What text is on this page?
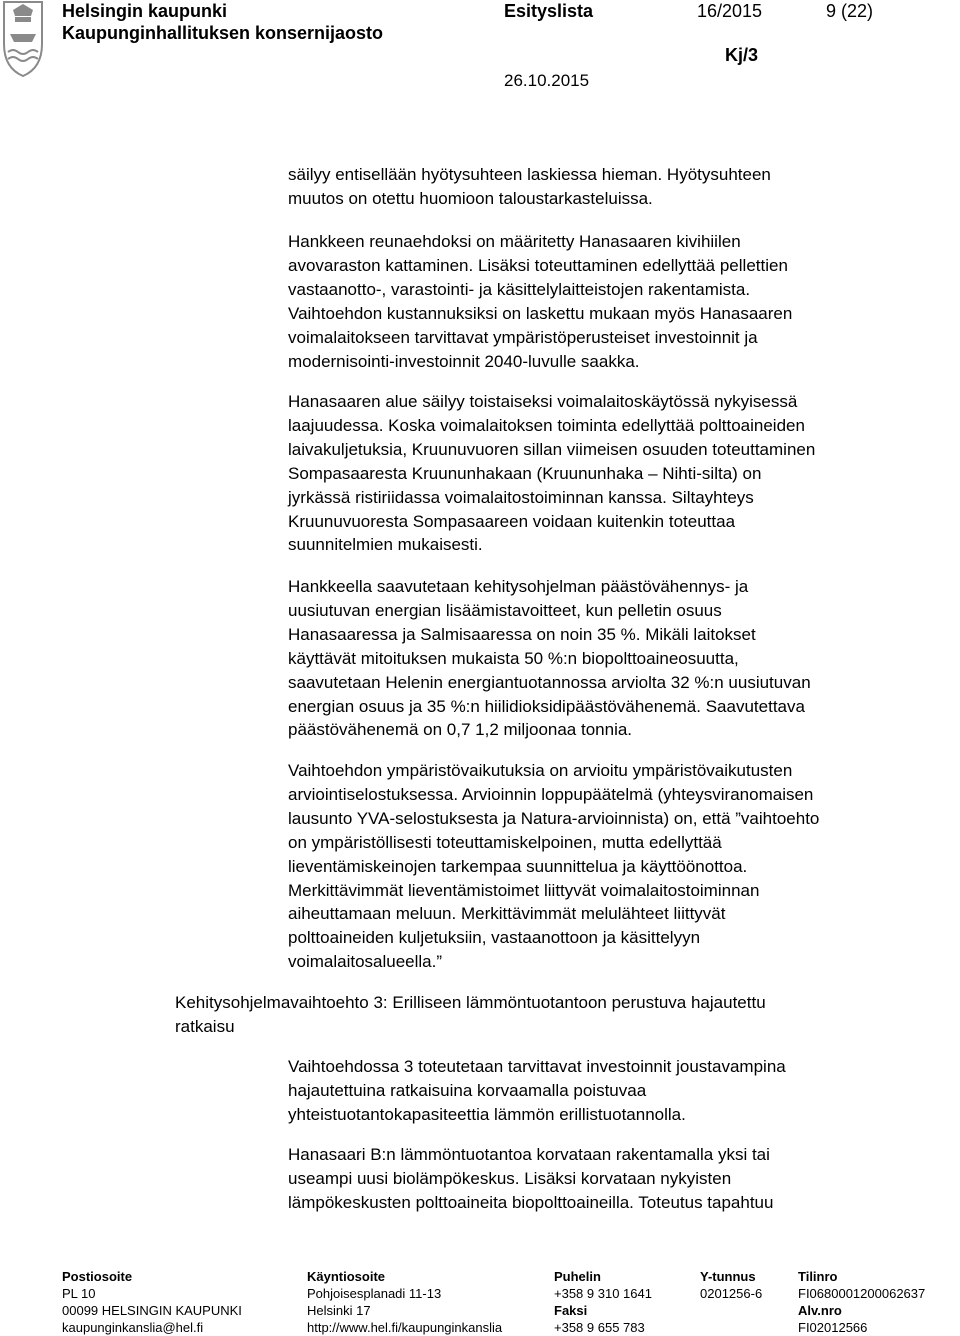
Helsingin kaupunki
Kaupunginhallituksen konsernijaosto
Esityslista	16/2015	9 (22)
Kj/3
26.10.2015

säilyy entisellään hyötysuhteen laskiessa hieman. Hyötysuhteen

muutos on otettu huomioon taloustarkasteluissa.

Hankkeen reunaehdoksi on määritetty Hanasaaren kivihiilen

avovaraston kattaminen. Lisäksi toteuttaminen edellyttää pellettien

vastaanotto-, varastointi- ja käsittelylaitteistojen rakentamista.

Vaihtoehdon kustannuksiksi on laskettu mukaan myös Hanasaaren

voimalaitokseen tarvittavat ympäristöperusteiset investoinnit ja

modernisointi-investoinnit 2040-luvulle saakka.

Hanasaaren alue säilyy toistaiseksi voimalaitoskäytössä nykyisessä

laajuudessa. Koska voimalaitoksen toiminta edellyttää polttoaineiden

laivakuljetuksia, Kruunuvuoren sillan viimeisen osuuden toteuttaminen

Sompasaaresta Kruununhakaan (Kruununhaka – Nihti-silta) on

jyrkässä ristiriidassa voimalaitostoiminnan kanssa. Siltayhteys

Kruunuvuoresta Sompasaareen voidaan kuitenkin toteuttaa

suunnitelmien mukaisesti.

Hankkeella saavutetaan kehitysohjelman päästövähennys- ja

uusiutuvan energian lisäämistavoitteet, kun pelletin osuus

Hanasaaressa ja Salmisaaressa on noin 35 %. Mikäli laitokset

käyttävät mitoituksen mukaista 50 %:n biopolttoaineosuutta,

saavutetaan Helenin energiantuotannossa arviolta 32 %:n uusiutuvan

energian osuus ja 35 %:n hiilidioksidipäästövähenemä. Saavutettava

päästövähenemä on 0,7 1,2 miljoonaa tonnia.

Vaihtoehdon ympäristövaikutuksia on arvioitu ympäristövaikutusten

arviointiselostuksessa. Arvioinnin loppupäätelmä (yhteysviranomaisen

lausunto YVA-selostuksesta ja Natura-arvioinnista) on, että ”vaihtoehto

on ympäristöllisesti toteuttamiskelpoinen, mutta edellyttää

lieventämiskeinojen tarkempaa suunnittelua ja käyttöönottoa.

Merkittävimmät lieventämistoimet liittyvät voimalaitostoiminnan

aiheuttamaan meluun. Merkittävimmät melulähteet liittyvät

polttoaineiden kuljetuksiin, vastaanottoon ja käsittelyyn

voimalaitosalueella.”

Kehitysohjelmavaihtoehto 3: Erilliseen lämmöntuotantoon perustuva hajautettu

ratkaisu

Vaihtoehdossa 3 toteutetaan tarvittavat investoinnit joustavampina

hajautettuina ratkaisuina korvaamalla poistuvaa

yhteistuotantokapasiteettia lämmön erillistuotannolla.

Hanasaari B:n lämmöntuotantoa korvataan rakentamalla yksi tai

useampi uusi biolämpökeskus. Lisäksi korvataan nykyisten

lämpökeskusten polttoaineita biopolttoaineilla. Toteutus tapahtuu

Postiosoite
PL 10
00099 HELSINGIN KAUPUNKI
kaupunginkanslia@hel.fi
Käyntiosoite
Pohjoisesplanadi 11-13
Helsinki 17
http://www.hel.fi/kaupunginkanslia
Puhelin
+358 9 310 1641
Faksi
+358 9 655 783
Y-tunnus
0201256-6
Tilinro
FI0680001200062637
Alv.nro
FI02012566
